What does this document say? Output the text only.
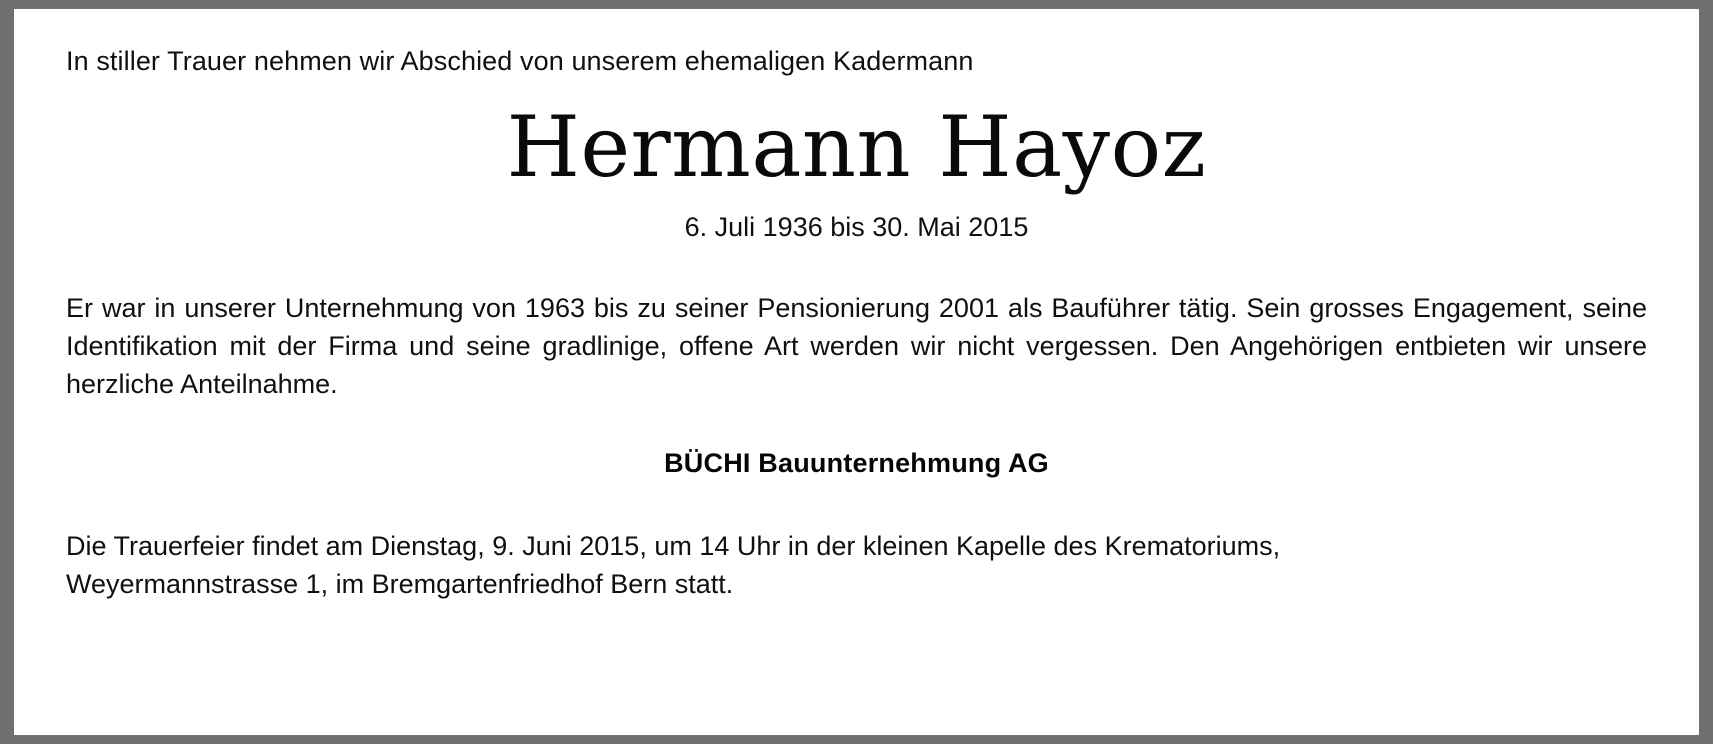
In stiller Trauer nehmen wir Abschied von unserem ehemaligen Kadermann
Hermann Hayoz
6. Juli 1936 bis 30. Mai 2015
Er war in unserer Unternehmung von 1963 bis zu seiner Pensionierung 2001 als Bauführer tätig. Sein grosses Engagement, seine Identifikation mit der Firma und seine gradlinige, offene Art werden wir nicht vergessen. Den Angehörigen entbieten wir unsere herzliche Anteilnahme.
BÜCHI Bauunternehmung AG
Die Trauerfeier findet am Dienstag, 9. Juni 2015, um 14 Uhr in der kleinen Kapelle des Krematoriums,
Weyermannstrasse 1, im Bremgartenfriedhof Bern statt.
